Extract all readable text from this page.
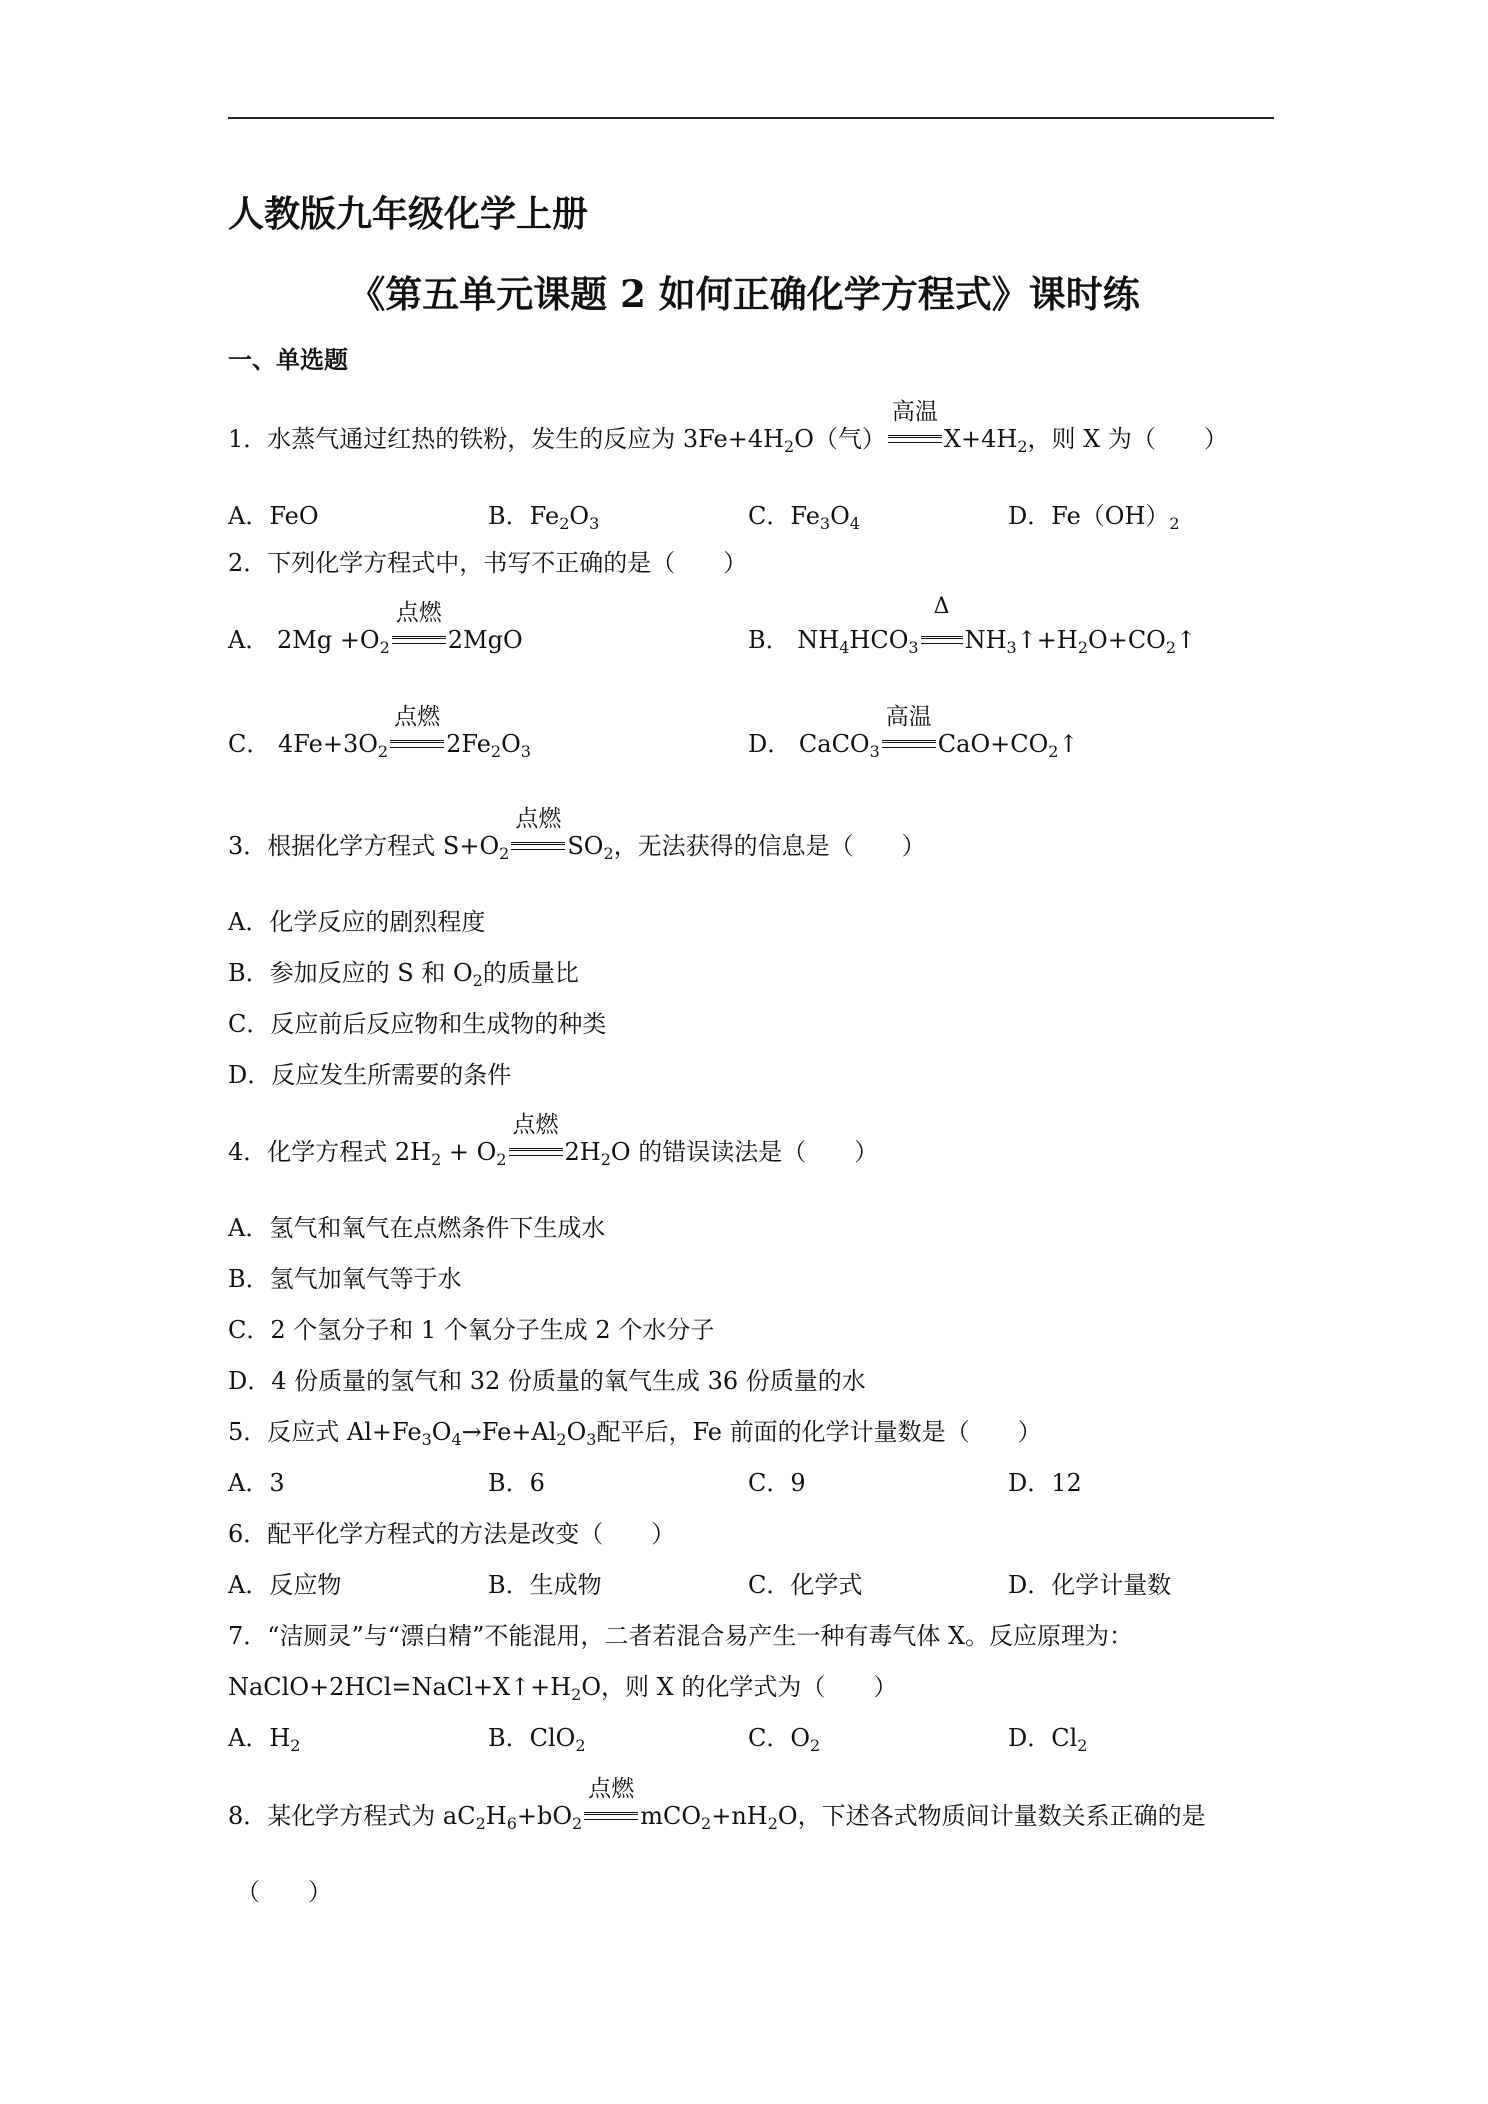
人教版九年级化学上册
《第五单元课题 2 如何正确化学方程式》课时练
一、单选题
1．水蒸气通过红热的铁粉，发生的反应为 $3Fe+4H_2O$（气）
高温
$X+4H_2$，则 X 为（　　）
A．FeO	B．$Fe_2O_3$	C．$Fe_3O_4$	D．$Fe(OH)_2$
2．下列化学方程式中，书写不正确的是（　　）
A． $2Mg +O_2$
点燃
2MgO	B． $NH_4HCO_3$
Δ
$NH_3↑+H_2O+CO_2↑$
C． $4Fe+3O_2$
点燃
$2Fe_2O_3$	D． CaCO$_3$
高温
$CaO+CO_2↑$
3．根据化学方程式 $S+O_2$
点燃
$SO_2$，无法获得的信息是（　　）
A．化学反应的剧烈程度
B．参加反应的 S 和 $O_2$的质量比
C．反应前后反应物和生成物的种类
D．反应发生所需要的条件
4．化学方程式 $2H_2 + O_2$
点燃
$2H_2O$ 的错误读法是（　　）
A．氢气和氧气在点燃条件下生成水
B．氢气加氧气等于水
C．2 个氢分子和 1 个氧分子生成 2 个水分子
D．4 份质量的氢气和 32 份质量的氧气生成 36 份质量的水
5．反应式 $Al+Fe_3O_4\to Fe+Al_2O_3$配平后，Fe 前面的化学计量数是（　　）
A．3	B．6	C．9	D．12
6．配平化学方程式的方法是改变（　　）
A．反应物	B．生成物	C．化学式	D．化学计量数
7．“洁厕灵”与“漂白精”不能混用，二者若混合易产生一种有毒气体 X。反应原理为：
$NaClO+2HCl=NaCl+X↑+H_2O$，则 X 的化学式为（　　）
A．$H_2$	B．ClO$_2$	C．$O_2$	D．$Cl_2$
8．某化学方程式为 $aC_2H_6+bO_2$
点燃
$mCO_2+nH_2O$，下述各式物质间计量数关系正确的是
（　　）
